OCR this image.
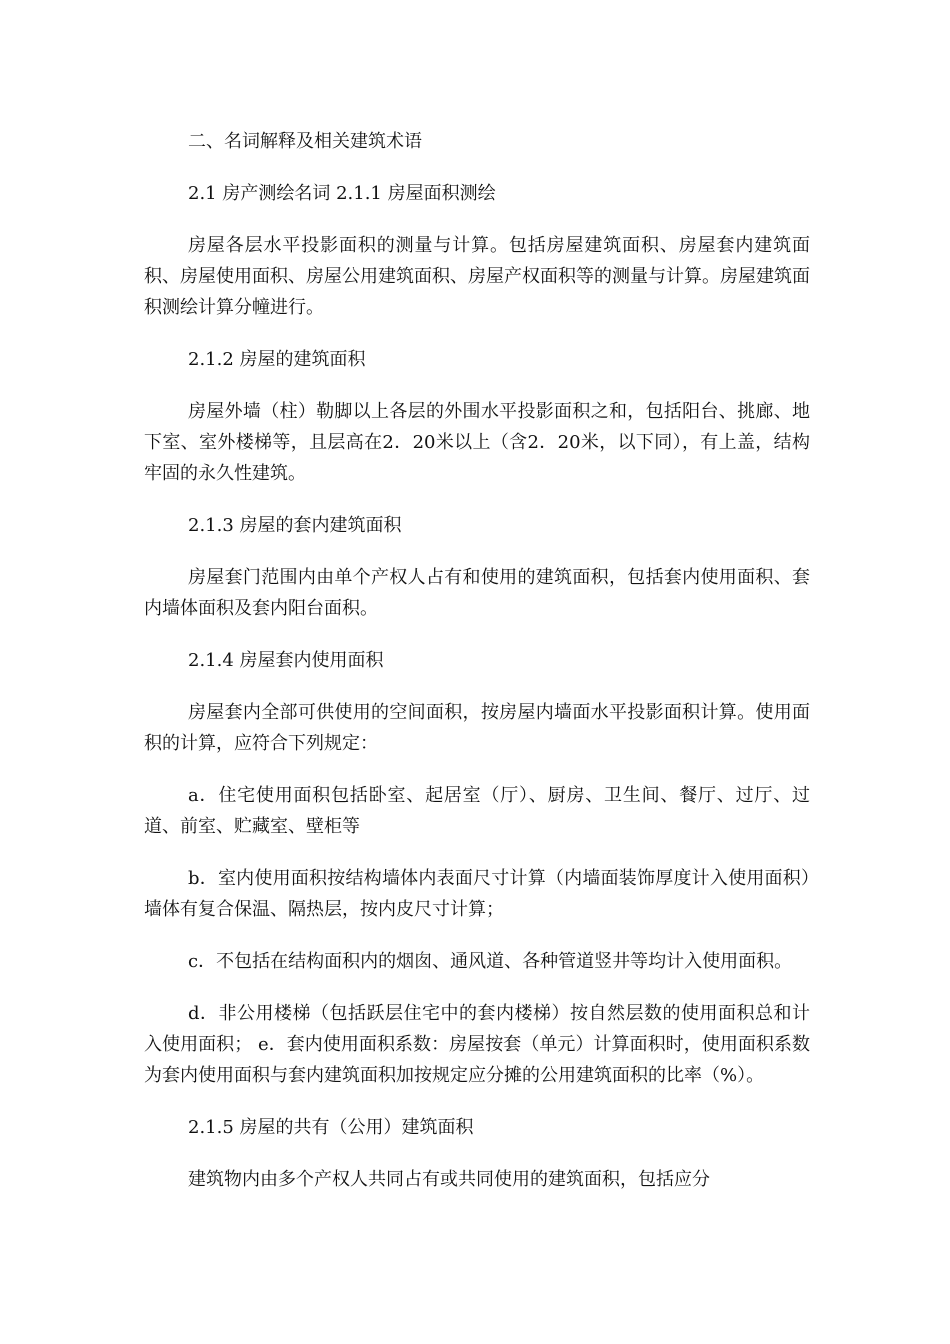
二、名词解释及相关建筑术语

2.1 房产测绘名词 2.1.1 房屋面积测绘

房屋各层水平投影面积的测量与计算。包括房屋建筑面积、房屋套内建筑面积、房屋使用面积、房屋公用建筑面积、房屋产权面积等的测量与计算。房屋建筑面积测绘计算分幢进行。

2.1.2 房屋的建筑面积

房屋外墙（柱）勒脚以上各层的外围水平投影面积之和，包括阳台、挑廊、地下室、室外楼梯等，且层高在2．20米以上（含2．20米，以下同），有上盖，结构牢固的永久性建筑。

2.1.3 房屋的套内建筑面积

房屋套门范围内由单个产权人占有和使用的建筑面积，包括套内使用面积、套内墙体面积及套内阳台面积。

2.1.4 房屋套内使用面积

房屋套内全部可供使用的空间面积，按房屋内墙面水平投影面积计算。使用面积的计算，应符合下列规定：

a．住宅使用面积包括卧室、起居室（厅）、厨房、卫生间、餐厅、过厅、过道、前室、贮藏室、壁柜等

b．室内使用面积按结构墙体内表面尺寸计算（内墙面装饰厚度计入使用面积）墙体有复合保温、隔热层，按内皮尺寸计算；

c．不包括在结构面积内的烟囱、通风道、各种管道竖井等均计入使用面积。

d．非公用楼梯（包括跃层住宅中的套内楼梯）按自然层数的使用面积总和计入使用面积； e．套内使用面积系数：房屋按套（单元）计算面积时，使用面积系数为套内使用面积与套内建筑面积加按规定应分摊的公用建筑面积的比率（%）。

2.1.5 房屋的共有（公用）建筑面积

建筑物内由多个产权人共同占有或共同使用的建筑面积，包括应分
